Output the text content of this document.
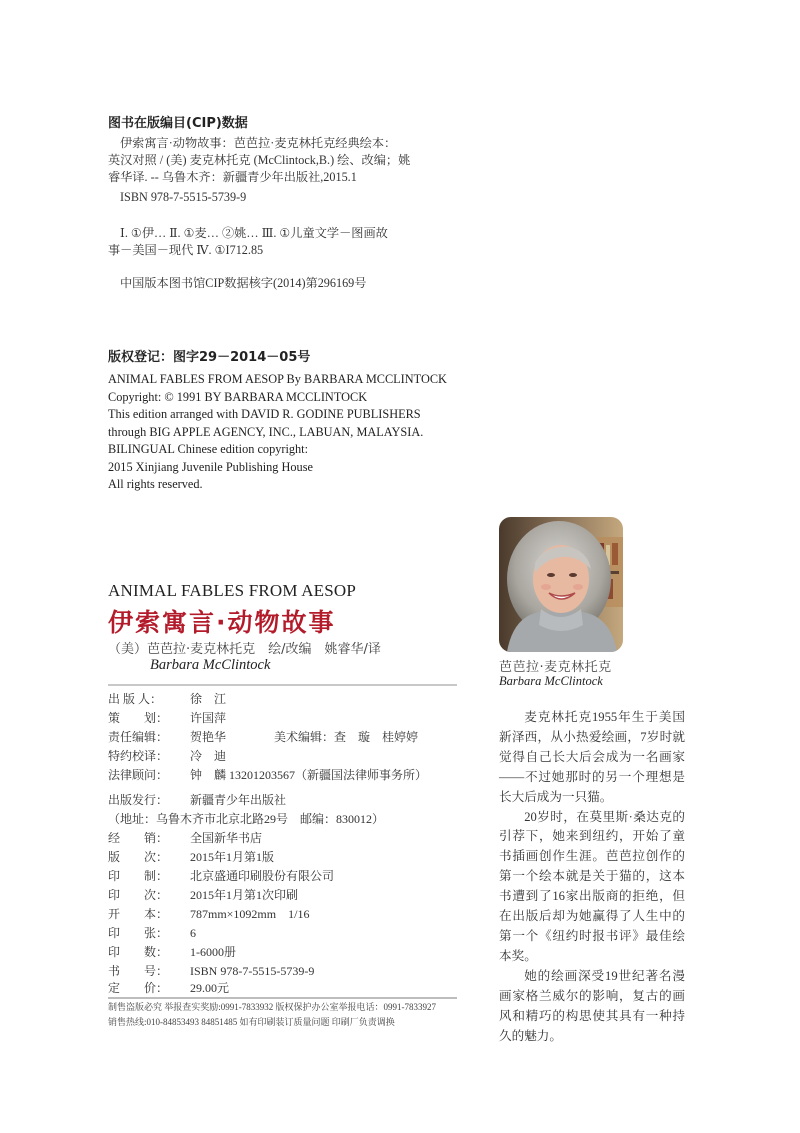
图书在版编目(CIP)数据
伊索寓言·动物故事：芭芭拉·麦克林托克经典绘本：
英汉对照 / (美) 麦克林托克 (McClintock,B.) 绘、改编；姚
睿华译. -- 乌鲁木齐：新疆青少年出版社,2015.1
ISBN 978-7-5515-5739-9
Ⅰ. ①伊… Ⅱ. ①麦… ②姚… Ⅲ. ①儿童文学－图画故
事－美国－现代 Ⅳ. ①I712.85
中国版本图书馆CIP数据核字(2014)第296169号
版权登记：图字29－2014－05号
ANIMAL FABLES FROM AESOP By BARBARA MCCLINTOCK
Copyright: © 1991 BY BARBARA MCCLINTOCK
This edition arranged with DAVID R. GODINE PUBLISHERS
through BIG APPLE AGENCY, INC., LABUAN, MALAYSIA.
BILINGUAL Chinese edition copyright:
2015 Xinjiang Juvenile Publishing House
All rights reserved.
ANIMAL FABLES FROM AESOP
伊索寓言·动物故事
（美）芭芭拉·麦克林托克　绘/改编　姚睿华/译
Barbara McClintock
出 版 人： 徐　江
策　　划： 许国萍
责任编辑： 贺艳华	美术编辑：查　璇　桂婷婷
特约校译： 冷　迪
法律顾问： 钟　麟 13201203567（新疆国法律师事务所）
出版发行： 新疆青少年出版社
（地址：乌鲁木齐市北京北路29号　邮编：830012）
经　　销： 全国新华书店
版　　次： 2015年1月第1版
印　　制： 北京盛通印刷股份有限公司
印　　次： 2015年1月第1次印刷
开　　本： 787mm×1092mm　1/16
印　　张： 6
印　　数： 1-6000册
书　　号： ISBN 978-7-5515-5739-9
定　　价： 29.00元
制售盗版必究 举报查实奖励:0991-7833932 版权保护办公室举报电话：0991-7833927
销售热线:010-84853493 84851485 如有印刷装订质量问题 印刷厂负责调换
芭芭拉·麦克林托克
Barbara McClintock

麦克林托克1955年生于美国新泽西，从小热爱绘画，7岁时就觉得自己长大后会成为一名画家——不过她那时的另一个理想是长大后成为一只猫。

20岁时，在莫里斯·桑达克的引荐下，她来到纽约，开始了童书插画创作生涯。芭芭拉创作的第一个绘本就是关于猫的，这本书遭到了16家出版商的拒绝，但在出版后却为她赢得了人生中的第一个《纽约时报书评》最佳绘本奖。

她的绘画深受19世纪著名漫画家格兰威尔的影响，复古的画风和精巧的构思使其具有一种持久的魅力。
